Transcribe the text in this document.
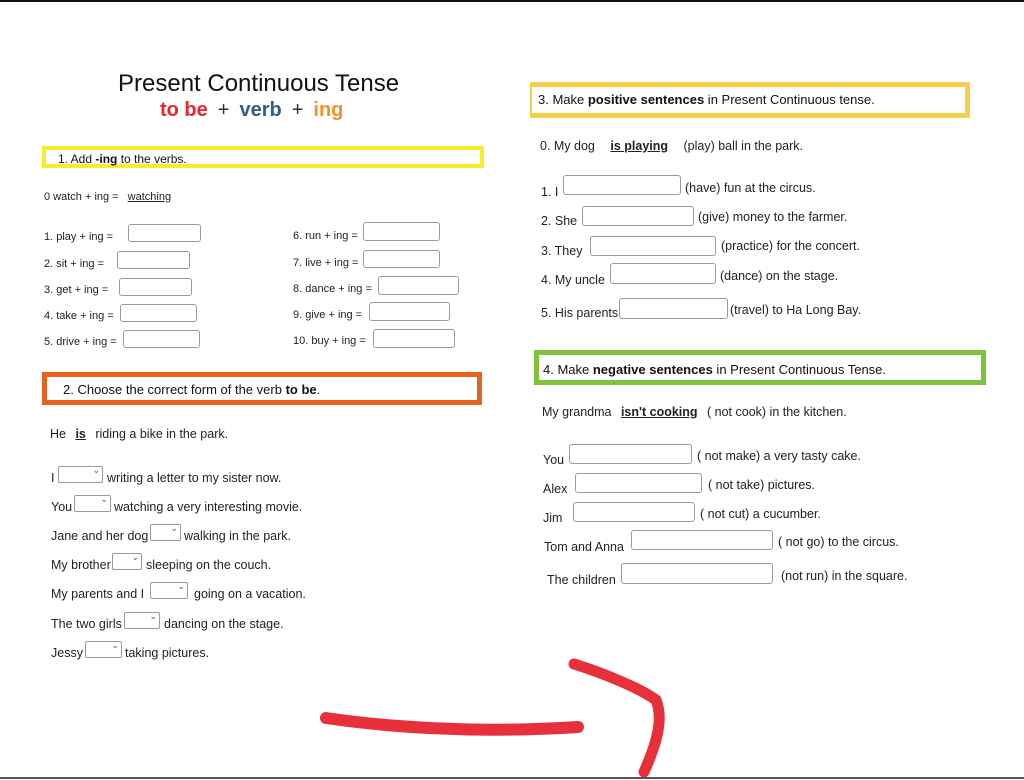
Present Continuous Tense
to be + verb + ing
1. Add -ing to the verbs.
0 watch + ing = watching
1. play + ing =
2. sit + ing =
3. get + ing =
4. take + ing =
5. drive + ing =
6. run + ing =
7. live + ing =
8. dance + ing =
9. give + ing =
10. buy + ing =
2. Choose the correct form of the verb to be.
He is riding a bike in the park.
I
⌄
writing a letter to my sister now.
You
⌄
watching a very interesting movie.
Jane and her dog
⌄
walking in the park.
My brother
⌄
sleeping on the couch.
My parents and I
⌄
going on a vacation.
The two girls
⌄
dancing on the stage.
Jessy
⌄
taking pictures.
3. Make positive sentences in Present Continuous tense.
0. My dog is playing (play) ball in the park.
1. I	(have) fun at the circus.
2. She	(give) money to the farmer.
3. They	(practice) for the concert.
4. My uncle	(dance) on the stage.
5. His parents	(travel) to Ha Long Bay.
4. Make negative sentences in Present Continuous Tense.
My grandma isn't cooking ( not cook) in the kitchen.
You	( not make) a very tasty cake.
Alex	( not take) pictures.
Jim	( not cut) a cucumber.
Tom and Anna	( not go) to the circus.
The children	(not run) in the square.
